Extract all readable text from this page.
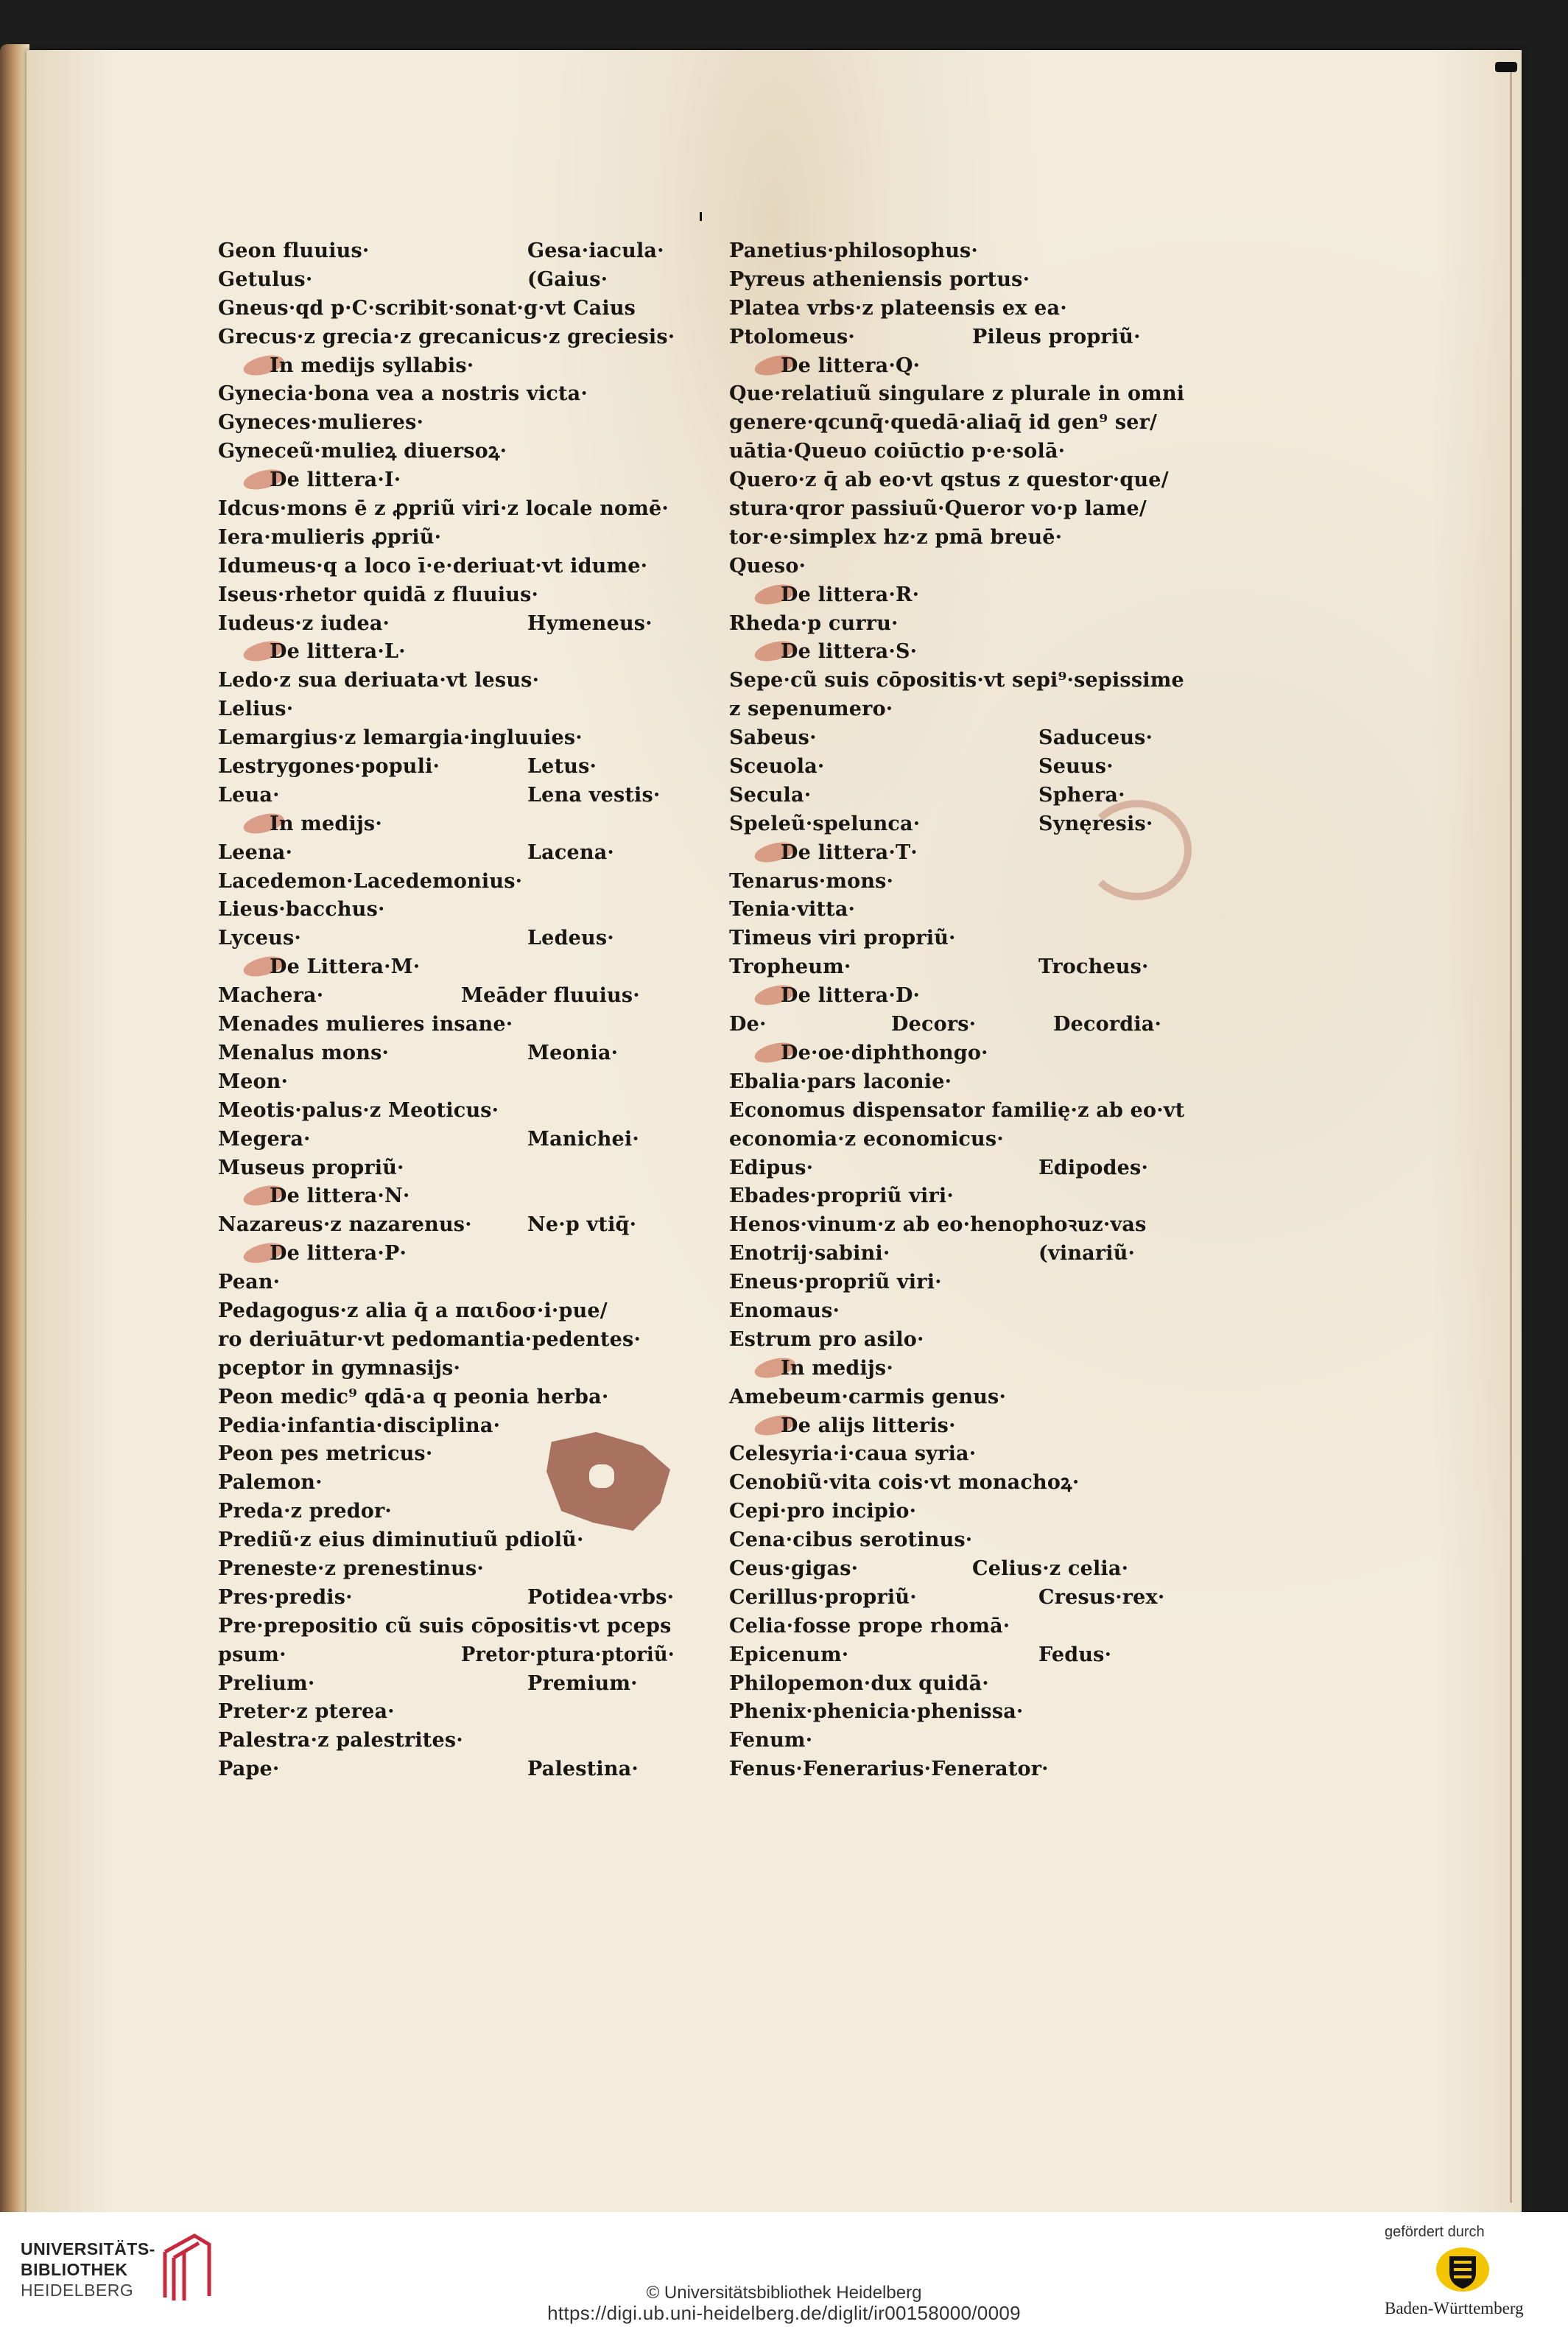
Geon fluuius·	Gesa·iacula·
Getulus·	(Gaius·
Gneus·qd p·C·scribit·sonat·g·vt Caius
Grecus·z grecia·z grecanicus·z greciesis·
In medijs syllabis·
Gynecia·bona vea a nostris victa·
Gyneces·mulieres·
Gyneceũ·mulieꝝ diuersoꝝ·
De littera·I·
Idcus·mons ē z ꝓpriũ viri·z locale nomē·
Iera·mulieris ꝓpriũ·
Idumeus·q a loco ī·e·deriuat·vt idume·
Iseus·rhetor quidā z fluuius·
Iudeus·z iudea·	Hymeneus·
De littera·L·
Ledo·z sua deriuata·vt lesus·
Lelius·
Lemargius·z lemargia·ingluuies·
Lestrygones·populi·	Letus·
Leua·	Lena vestis·
In medijs·
Leena·	Lacena·
Lacedemon·Lacedemonius·
Lieus·bacchus·
Lyceus·	Ledeus·
De Littera·M·
Machera·	Meāder fluuius·
Menades mulieres insane·
Menalus mons·	Meonia·
Meon·
Meotis·palus·z Meoticus·
Megera·	Manichei·
Museus propriũ·
De littera·N·
Nazareus·z nazarenus·	Ne·p vtiq̄·
De littera·P·
Pean·
Pedagogus·z alia q̄ a παιδοσ·i·pue/
ro deriuātur·vt pedomantia·pedentes·
pceptor in gymnasijs·
Peon medic⁹ qdā·a q peonia herba·
Pedia·infantia·disciplina·
Peon pes metricus·
Palemon·
Preda·z predor·
Prediũ·z eius diminutiuũ pdiolũ·
Preneste·z prenestinus·
Pres·predis·	Potidea·vrbs·
Pre·prepositio cũ suis cōpositis·vt pceps
psum·	Pretor·ptura·ptoriũ·
Prelium·	Premium·
Preter·z pterea·
Palestra·z palestrites·
Pape·	Palestina·
Panetius·philosophus·
Pyreus atheniensis portus·
Platea vrbs·z plateensis ex ea·
Ptolomeus·	Pileus propriũ·
De littera·Q·
Que·relatiuũ singulare z plurale in omni
genere·qcunq̄·quedā·aliaq̄ id gen⁹ ser/
uātia·Queuo coiūctio p·e·solā·
Quero·z q̄ ab eo·vt qstus z questor·que/
stura·qror passiuũ·Queror vo·p lame/
tor·e·simplex hz·z pmā breuē·
Queso·
De littera·R·
Rheda·p curru·
De littera·S·
Sepe·cũ suis cōpositis·vt sepi⁹·sepissime
z sepenumero·
Sabeus·	Saduceus·
Sceuola·	Seuus·
Secula·	Sphera·
Speleũ·spelunca·	Synęresis·
De littera·T·
Tenarus·mons·
Tenia·vitta·
Timeus viri propriũ·
Tropheum·	Trocheus·
De littera·D·
De·	Decors·	Decordia·
De·oe·diphthongo·
Ebalia·pars laconie·
Economus dispensator familię·z ab eo·vt
economia·z economicus·
Edipus·	Edipodes·
Ebades·propriũ viri·
Henos·vinum·z ab eo·henophoꝛuz·vas
Enotrij·sabini·	(vinariũ·
Eneus·propriũ viri·
Enomaus·
Estrum pro asilo·
In medijs·
Amebeum·carmis genus·
De alijs litteris·
Celesyria·i·caua syria·
Cenobiũ·vita cois·vt monachoꝝ·
Cepi·pro incipio·
Cena·cibus serotinus·
Ceus·gigas·	Celius·z celia·
Cerillus·propriũ·	Cresus·rex·
Celia·fosse prope rhomā·
Epicenum·	Fedus·
Philopemon·dux quidā·
Phenix·phenicia·phenissa·
Fenum·
Fenus·Fenerarius·Fenerator·
UNIVERSITÄTS-
BIBLIOTHEK
HEIDELBERG	© Universitätsbibliothek Heidelberg
https://digi.ub.uni-heidelberg.de/diglit/ir00158000/0009
gefördert durch
Baden-Württemberg
